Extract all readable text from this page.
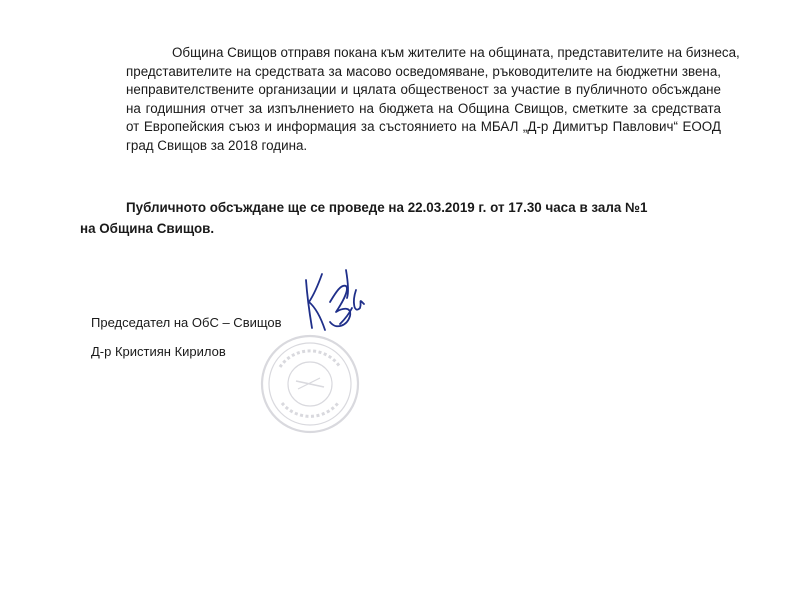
Община Свищов отправя покана към жителите на общината, представителите на бизнеса,
представителите на средствата за масово осведомяване, ръководителите на бюджетни звена,
неправителствените организации и цялата общественост за участие в публичното обсъждане
на годишния отчет за изпълнението на бюджета на Община Свищов, сметките за средствата
от Европейския съюз и информация за състоянието на МБАЛ „Д-р Димитър Павлович“ ЕООД
град Свищов за 2018 година.
Публичното обсъждане ще се проведе на 22.03.2019 г. от 17.30 часа в зала №1
на Община Свищов.
Председател на ОбС – Свищов
Д-р Кристиян Кирилов
